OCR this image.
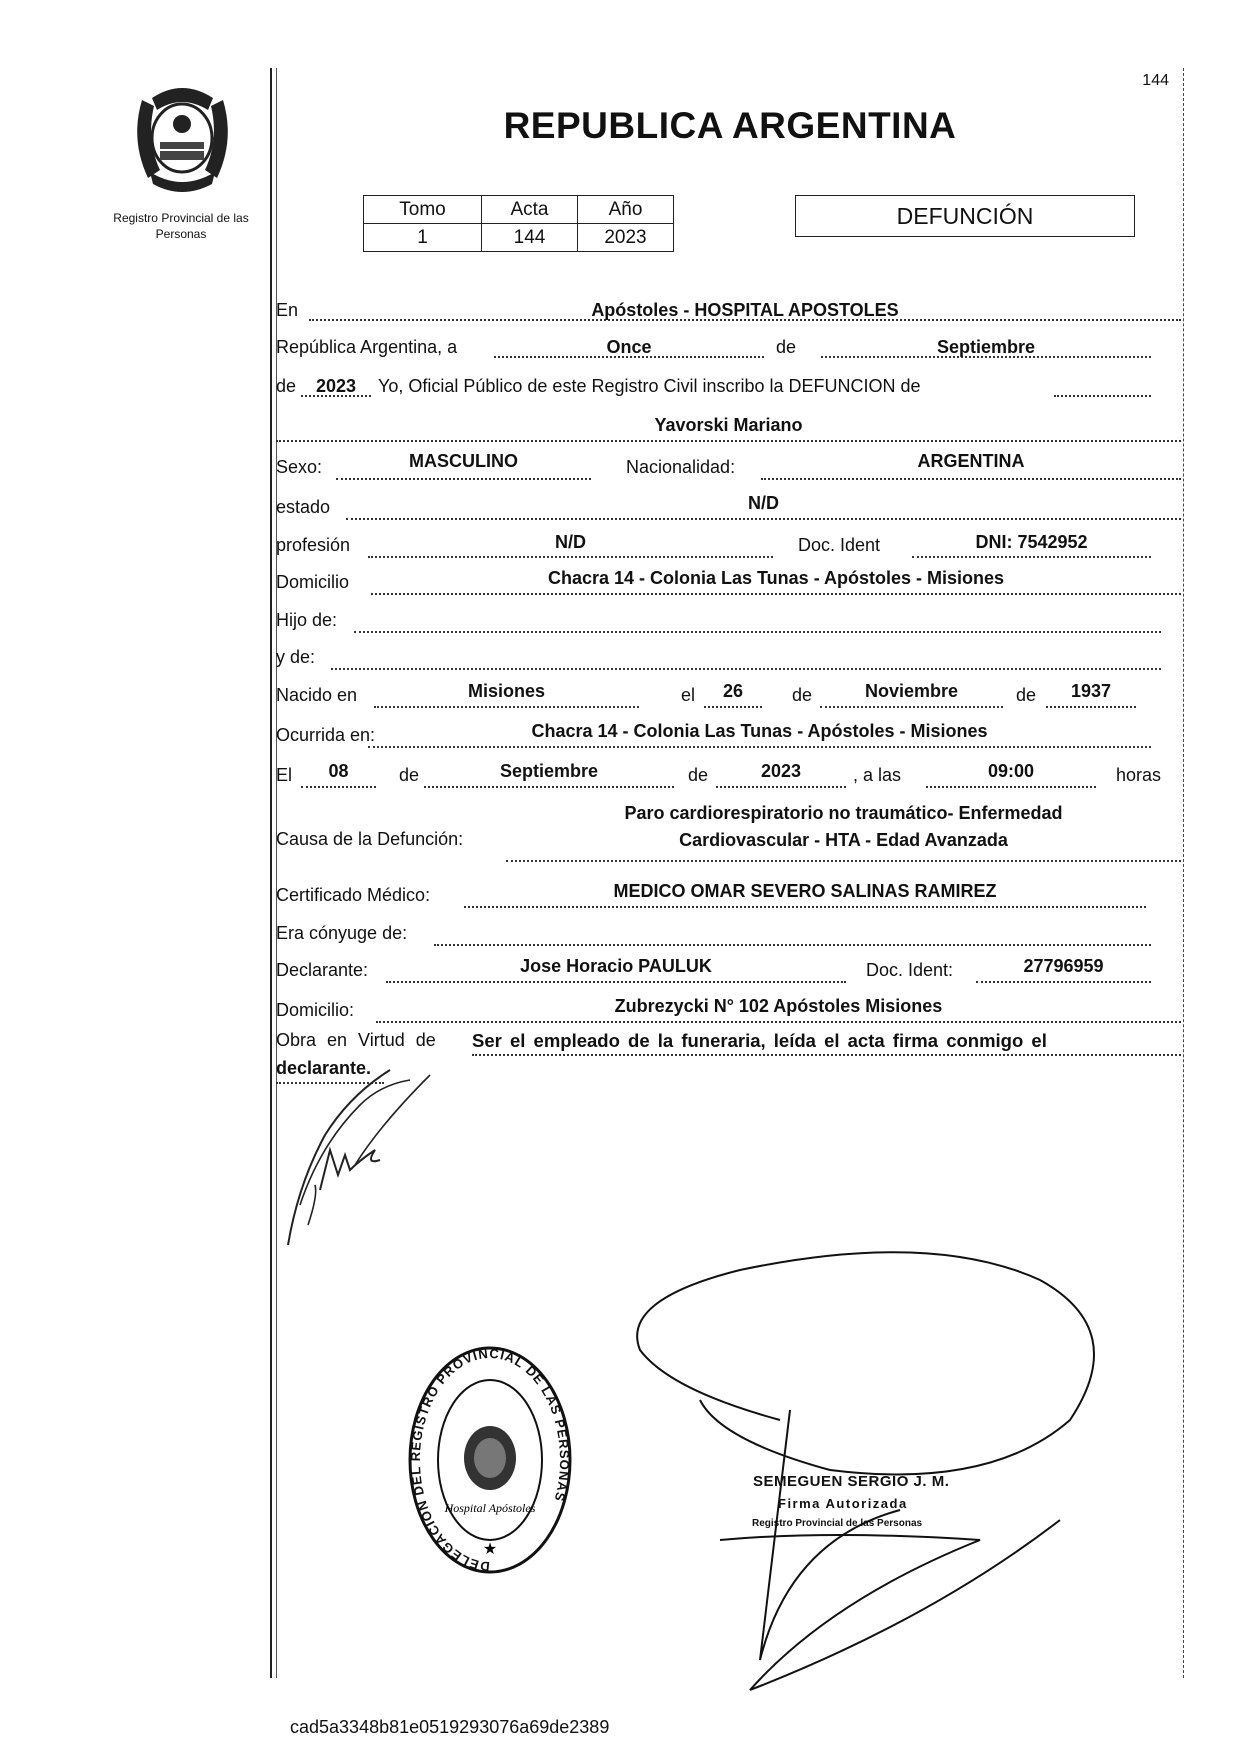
144
Registro Provincial de las Personas
REPUBLICA ARGENTINA
Tomo	Acta	Año
1	144	2023
DEFUNCIÓN
En	Apóstoles - HOSPITAL APOSTOLES
República Argentina, a	Once	de	Septiembre
de	2023	Yo, Oficial Público de este Registro Civil inscribo la DEFUNCION de
Yavorski Mariano
Sexo:	MASCULINO	Nacionalidad:	ARGENTINA
estado	N/D
profesión	N/D	Doc. Ident	DNI: 7542952
Domicilio	Chacra 14 - Colonia Las Tunas - Apóstoles - Misiones
Hijo de:
y de:
Nacido en	Misiones	el	26	de	Noviembre	de	1937
Ocurrida en:	Chacra 14 - Colonia Las Tunas - Apóstoles - Misiones
El	08	de	Septiembre	de	2023	, a las	09:00	horas
Causa de la Defunción:
Paro cardiorespiratorio no traumático- Enfermedad
Cardiovascular - HTA - Edad Avanzada
Certificado Médico:	MEDICO OMAR SEVERO SALINAS RAMIREZ
Era cónyuge de:
Declarante:	Jose Horacio PAULUK	Doc. Ident:	27796959
Domicilio:	Zubrezycki N° 102 Apóstoles Misiones
Obra en Virtud de Ser el empleado de la funeraria, leída el acta firma conmigo el
declarante.
DELEGACION DEL REGISTRO PROVINCIAL DE LAS PERSONAS
Hospital Apóstoles
★
SEMEGUEN SERGIO J. M.
Firma Autorizada
Registro Provincial de las Personas
cad5a3348b81e0519293076a69de2389
